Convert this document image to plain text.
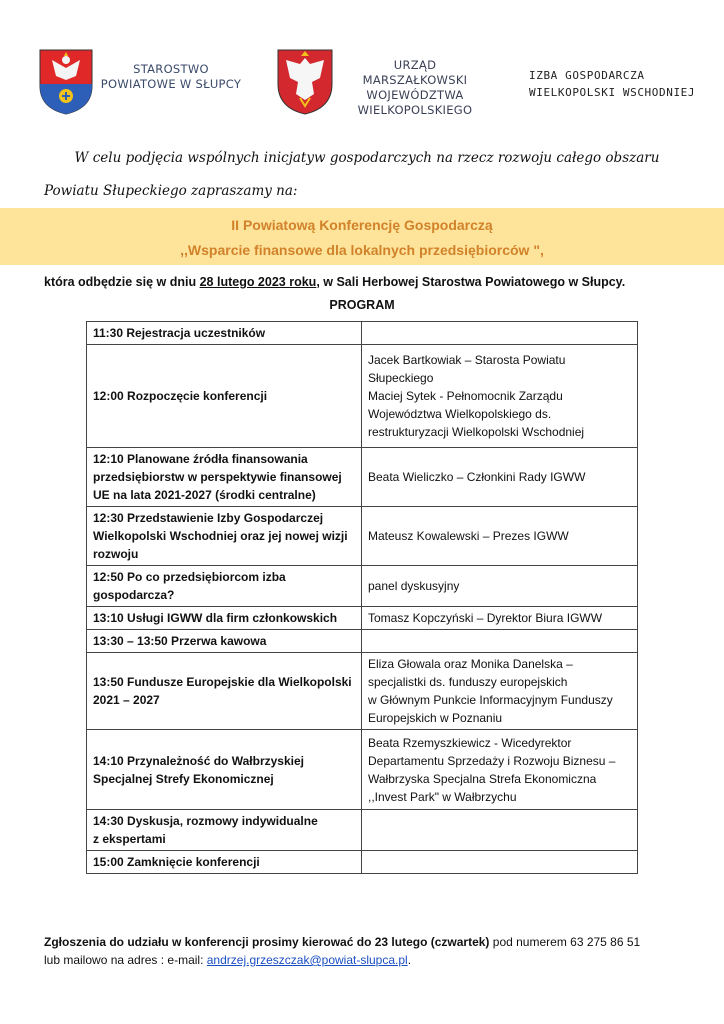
STAROSTWO POWIATOWE W SŁUPCY
URZĄD MARSZAŁKOWSKI WOJEWÓDZTWA WIELKOPOLSKIEGO
IZBA GOSPODARCZA
WIELKOPOLSKI WSCHODNIEJ
W celu podjęcia wspólnych inicjatyw gospodarczych na rzecz rozwoju całego obszaru
Powiatu Słupeckiego zapraszamy na:
II Powiatową Konferencję Gospodarczą
,,Wsparcie finansowe dla lokalnych przedsiębiorców ",
która odbędzie się w dniu 28 lutego 2023 roku, w Sali Herbowej Starostwa Powiatowego w Słupcy.
PROGRAM
11:30 Rejestracja uczestników	
12:00 Rozpoczęcie konferencji	Jacek Bartkowiak – Starosta Powiatu Słupeckiego
Maciej Sytek - Pełnomocnik Zarządu Województwa Wielkopolskiego ds. restrukturyzacji Wielkopolski Wschodniej
12:10 Planowane źródła finansowania przedsiębiorstw w perspektywie finansowej UE na lata 2021-2027 (środki centralne)	Beata Wieliczko – Członkini Rady IGWW
12:30 Przedstawienie Izby Gospodarczej Wielkopolski Wschodniej oraz jej nowej wizji rozwoju	Mateusz Kowalewski – Prezes IGWW
12:50 Po co przedsiębiorcom izba gospodarcza?	panel dyskusyjny
13:10 Usługi IGWW dla firm członkowskich	Tomasz Kopczyński – Dyrektor Biura IGWW
13:30 – 13:50 Przerwa kawowa	
13:50 Fundusze Europejskie dla Wielkopolski 2021 – 2027	Eliza Głowala oraz Monika Danelska – specjalistki ds. funduszy europejskich
w Głównym Punkcie Informacyjnym Funduszy Europejskich w Poznaniu
14:10 Przynależność do Wałbrzyskiej Specjalnej Strefy Ekonomicznej	Beata Rzemyszkiewicz - Wicedyrektor Departamentu Sprzedaży i Rozwoju Biznesu – Wałbrzyska Specjalna Strefa Ekonomiczna ,,Invest Park" w Wałbrzychu
14:30 Dyskusja, rozmowy indywidualne
z ekspertami	
15:00 Zamknięcie konferencji	
Zgłoszenia do udziału w konferencji prosimy kierować do 23 lutego (czwartek) pod numerem 63 275 86 51
lub mailowo na adres : e-mail: andrzej.grzeszczak@powiat-slupca.pl.
